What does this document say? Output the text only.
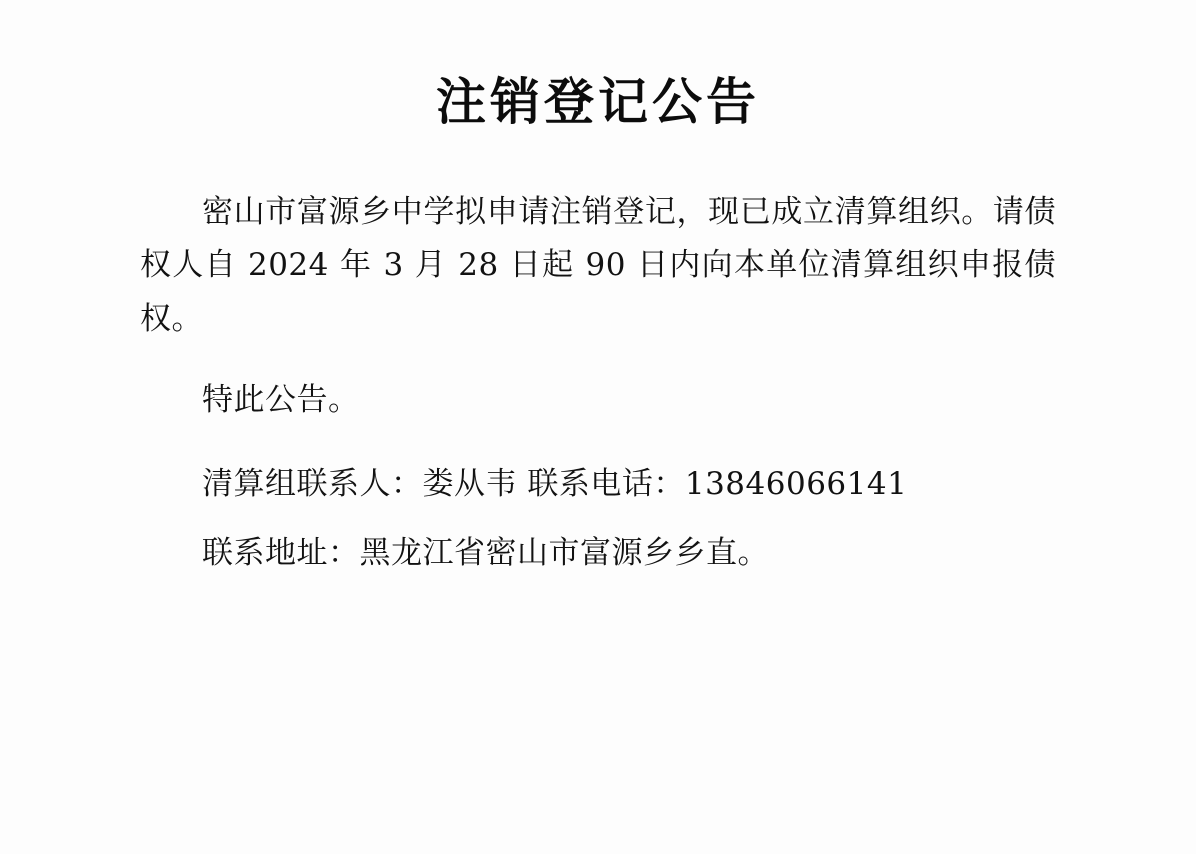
注销登记公告

密山市富源乡中学拟申请注销登记，现已成立清算组织。请债权人自 2024 年 3 月 28 日起 90 日内向本单位清算组织申报债权。

特此公告。

清算组联系人：娄从韦 联系电话：13846066141

联系地址：黑龙江省密山市富源乡乡直。
